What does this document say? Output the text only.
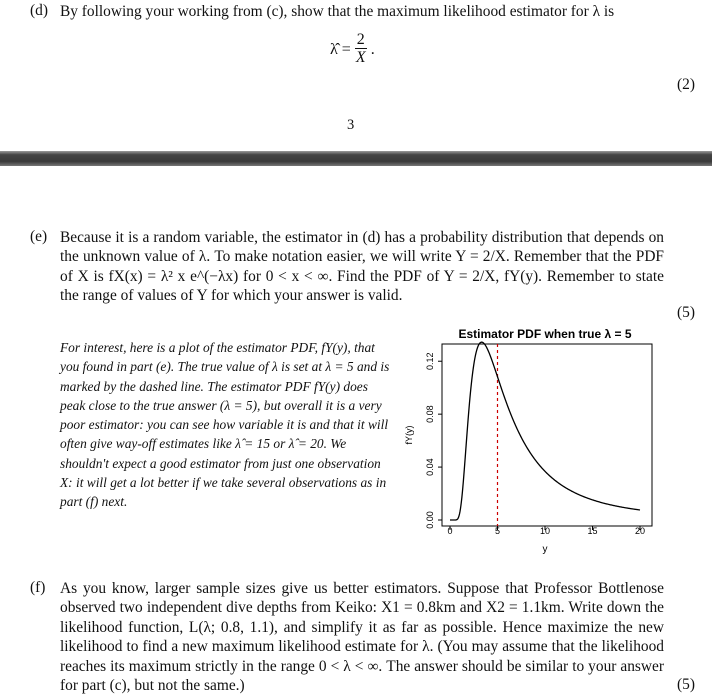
(d) By following your working from (c), show that the maximum likelihood estimator for λ is

λ̂ = $\frac{2}{X}$ .
(2)
3
(e) Because it is a random variable, the estimator in (d) has a probability distribution that depends on the unknown value of λ. To make notation easier, we will write Y = 2/X. Remember that the PDF of X is fX(x) = λ² x e^(−λx) for 0 < x < ∞. Find the PDF of Y = 2/X, fY(y). Remember to state the range of values of Y for which your answer is valid.

(5)

For interest, here is a plot of the estimator PDF, fY(y), that you found in part (e). The true value of λ is set at λ = 5 and is marked by the dashed line. The estimator PDF fY(y) does peak close to the true answer (λ = 5), but overall it is a very poor estimator: you can see how variable it is and that it will often give way-off estimates like λ̂ = 15 or λ̂ = 20. We shouldn't expect a good estimator from just one observation X: it will get a lot better if we take several observations as in part (f) next.

Estimator PDF when true λ = 5
0	5	10	15	20
0.00
0.04
0.08
0.12
y
fY(y)
(f) As you know, larger sample sizes give us better estimators. Suppose that Professor Bottlenose observed two independent dive depths from Keiko: X1 = 0.8km and X2 = 1.1km. Write down the likelihood function, L(λ; 0.8, 1.1), and simplify it as far as possible. Hence maximize the new likelihood to find a new maximum likelihood estimate for λ. (You may assume that the likelihood reaches its maximum strictly in the range 0 < λ < ∞. The answer should be similar to your answer for part (c), but not the same.)	(5)
